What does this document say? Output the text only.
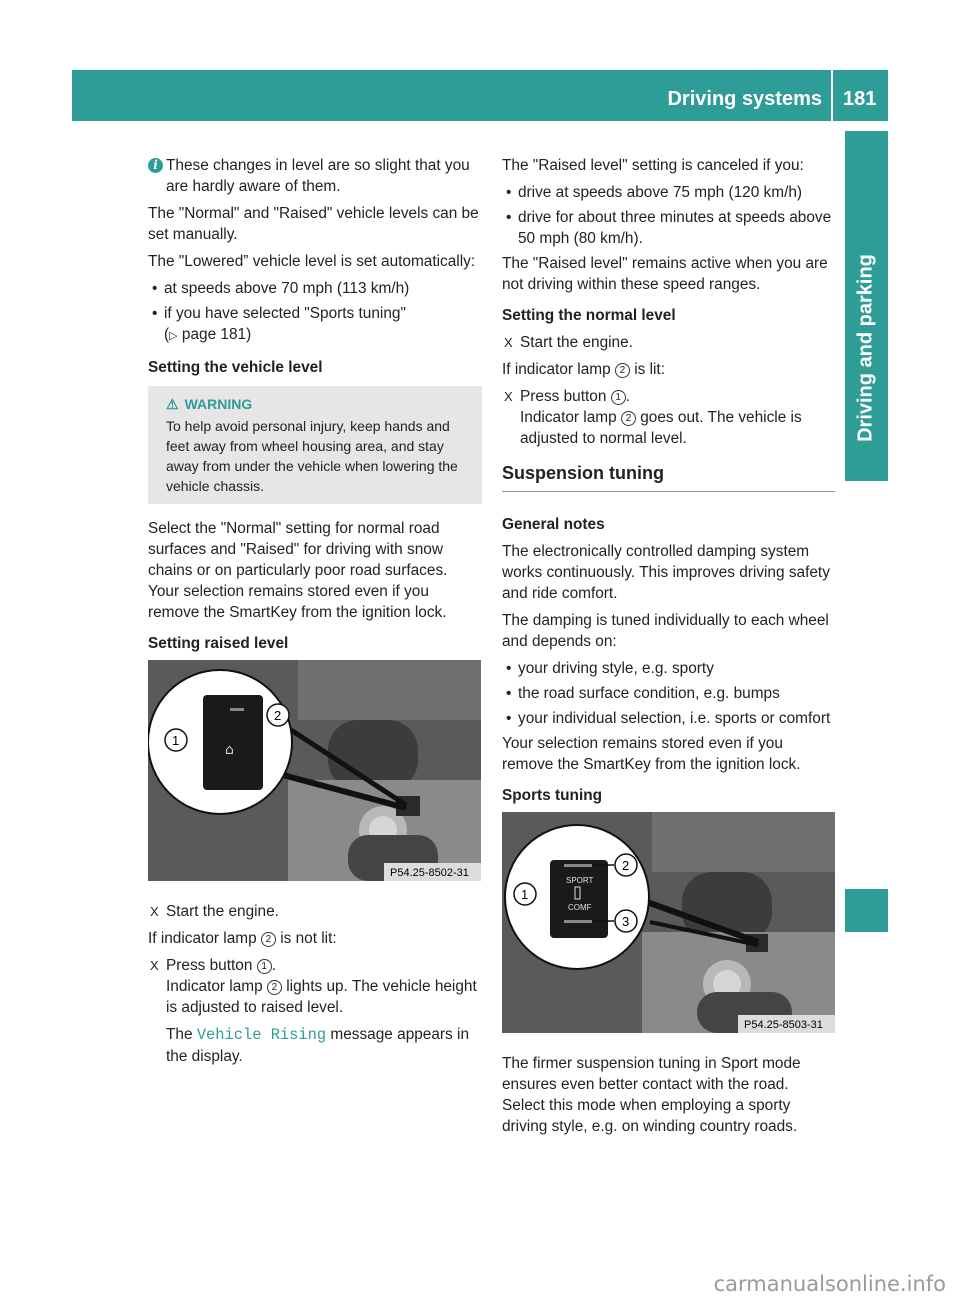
Driving systems 181
Driving and parking
i These changes in level are so slight that you are hardly aware of them.

The "Normal" and "Raised" vehicle levels can be set manually.

The "Lowered” vehicle level is set automatically:

• at speeds above 70 mph (113 km/h)
• if you have selected "Sports tuning"
(▷ page 181)

Setting the vehicle level

⚠ WARNING
To help avoid personal injury, keep hands and feet away from wheel housing area, and stay away from under the vehicle when lowering the vehicle chassis.

Select the "Normal" setting for normal road surfaces and "Raised" for driving with snow chains or on particularly poor road surfaces. Your selection remains stored even if you remove the SmartKey from the ignition lock.

Setting raised level

⌂
1
2
P54.25-8502-31
X Start the engine.

If indicator lamp 2 is not lit:

X Press button 1 .
Indicator lamp 2 lights up. The vehicle height is adjusted to raised level.
The Vehicle Rising message appears in the display.

The "Raised level" setting is canceled if you:

• drive at speeds above 75 mph (120 km/h)
• drive for about three minutes at speeds above 50 mph (80 km/h).

The "Raised level" remains active when you are not driving within these speed ranges.

Setting the normal level

X Start the engine.

If indicator lamp 2 is lit:

X Press button 1 .
Indicator lamp 2 goes out. The vehicle is adjusted to normal level.
Suspension tuning

General notes

The electronically controlled damping system works continuously. This improves driving safety and ride comfort.

The damping is tuned individually to each wheel and depends on:

• your driving style, e.g. sporty
• the road surface condition, e.g. bumps
• your individual selection, i.e. sports or comfort

Your selection remains stored even if you remove the SmartKey from the ignition lock.

Sports tuning

SPORT
COMF
1
2
3
P54.25-8503-31

The firmer suspension tuning in Sport mode ensures even better contact with the road. Select this mode when employing a sporty driving style, e.g. on winding country roads.

carmanualsonline.info
